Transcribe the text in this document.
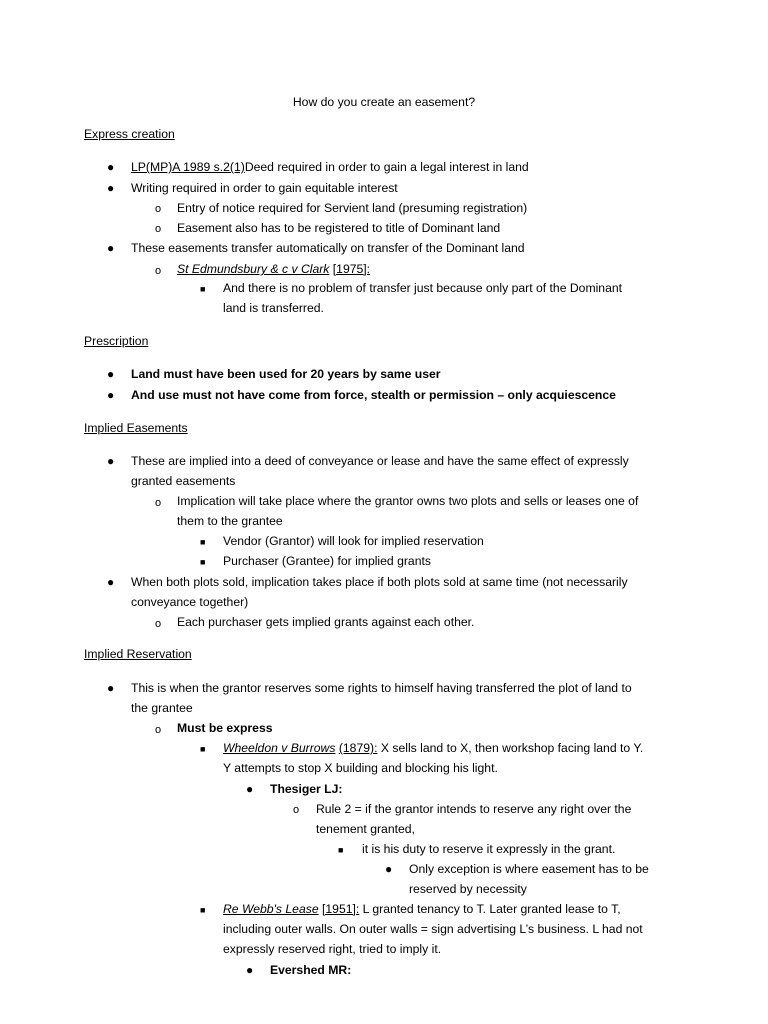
How do you create an easement?
Express creation
● LP(MP)A 1989 s.2(1)Deed required in order to gain a legal interest in land
● Writing required in order to gain equitable interest
o Entry of notice required for Servient land (presuming registration)
o Easement also has to be registered to title of Dominant land
● These easements transfer automatically on transfer of the Dominant land
o St Edmundsbury & c v Clark [1975]:
■ And there is no problem of transfer just because only part of the Dominant
land is transferred.
Prescription
● Land must have been used for 20 years by same user
● And use must not have come from force, stealth or permission – only acquiescence
Implied Easements
● These are implied into a deed of conveyance or lease and have the same effect of expressly
granted easements
o Implication will take place where the grantor owns two plots and sells or leases one of
them to the grantee
■ Vendor (Grantor) will look for implied reservation
■ Purchaser (Grantee) for implied grants
● When both plots sold, implication takes place if both plots sold at same time (not necessarily
conveyance together)
o Each purchaser gets implied grants against each other.
Implied Reservation
● This is when the grantor reserves some rights to himself having transferred the plot of land to
the grantee
o Must be express
■ Wheeldon v Burrows (1879): X sells land to X, then workshop facing land to Y.
Y attempts to stop X building and blocking his light.
● Thesiger LJ:
o Rule 2 = if the grantor intends to reserve any right over the
tenement granted,
■ it is his duty to reserve it expressly in the grant.
● Only exception is where easement has to be
reserved by necessity
■ Re Webb's Lease [1951]: L granted tenancy to T. Later granted lease to T,
including outer walls. On outer walls = sign advertising L’s business. L had not
expressly reserved right, tried to imply it.
● Evershed MR:
